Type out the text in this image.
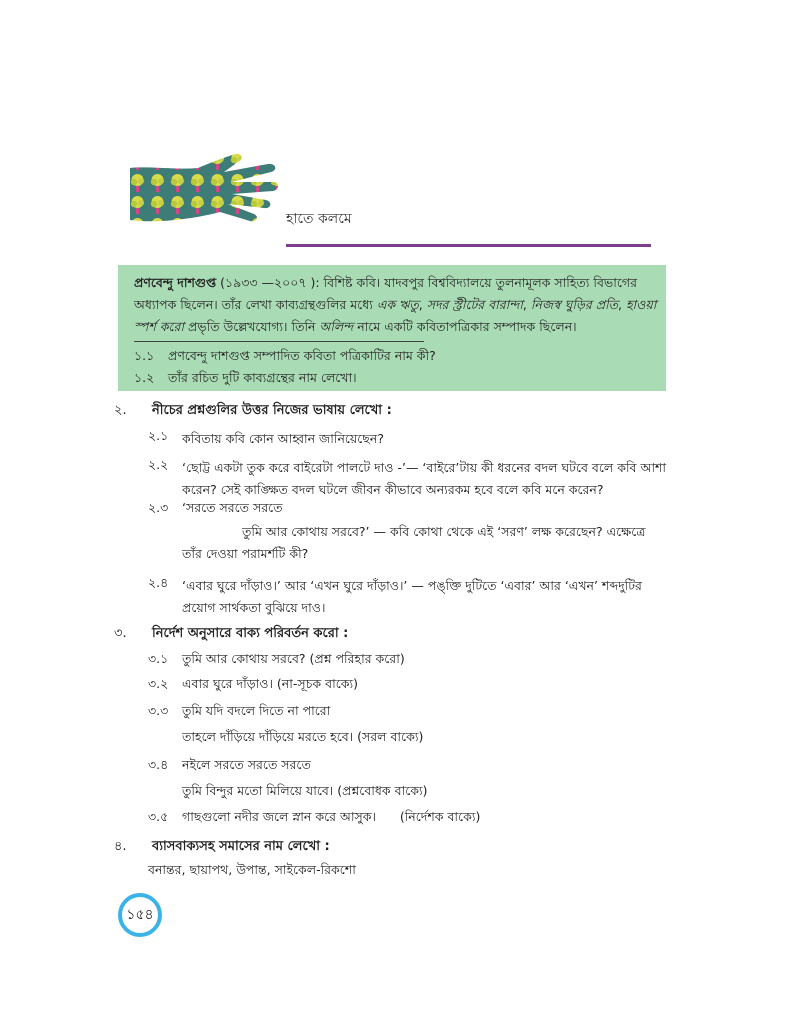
হাতে কলমে
প্রণবেন্দু দাশগুপ্ত (১৯৩৩ —২০০৭ ): বিশিষ্ট কবি। যাদবপুর বিশ্ববিদ্যালয়ে তুলনামূলক সাহিত্য বিভাগের অধ্যাপক ছিলেন। তাঁর লেখা কাব্যগ্রন্থগুলির মধ্যে এক ঋতু, সদর স্ট্রীটের বারান্দা, নিজস্ব ঘুড়ির প্রতি, হাওয়া স্পর্শ করো প্রভৃতি উল্লেখযোগ্য। তিনি অলিন্দ নামে একটি কবিতাপত্রিকার সম্পাদক ছিলেন।
১.১ প্রণবেন্দু দাশগুপ্ত সম্পাদিত কবিতা পত্রিকাটির নাম কী?
১.২ তাঁর রচিত দুটি কাব্যগ্রন্থের নাম লেখো।
২. নীচের প্রশ্নগুলির উত্তর নিজের ভাষায় লেখো :
২.১ কবিতায় কবি কোন আহ্বান জানিয়েছেন?
২.২ ‘ছোট্ট একটা তুক করে বাইরেটা পালটে দাও -’— ‘বাইরে’টায় কী ধরনের বদল ঘটবে বলে কবি আশা করেন? সেই কাঙ্ক্ষিত বদল ঘটলে জীবন কীভাবে অন্যরকম হবে বলে কবি মনে করেন?
২.৩ ‘সরতে সরতে সরতে
তুমি আর কোথায় সরবে?’ — কবি কোথা থেকে এই ‘সরণ’ লক্ষ করেছেন? এক্ষেত্রে
তাঁর দেওয়া পরামর্শটি কী?
২.৪ ‘এবার ঘুরে দাঁড়াও।’ আর ‘এখন ঘুরে দাঁড়াও।’ — পঙ্‌ক্তি দুটিতে ‘এবার’ আর ‘এখন’ শব্দদুটির প্রয়োগ সার্থকতা বুঝিয়ে দাও।
৩. নির্দেশ অনুসারে বাক্য পরিবর্তন করো :
৩.১ তুমি আর কোথায় সরবে? (প্রশ্ন পরিহার করো)
৩.২ এবার ঘুরে দাঁড়াও। (না-সূচক বাক্যে)
৩.৩ তুমি যদি বদলে দিতে না পারো
তাহলে দাঁড়িয়ে দাঁড়িয়ে মরতে হবে। (সরল বাক্যে)
৩.৪ নইলে সরতে সরতে সরতে
তুমি বিন্দুর মতো মিলিয়ে যাবে। (প্রশ্নবোধক বাক্যে)
৩.৫ গাছগুলো নদীর জলে স্নান করে আসুক।      (নির্দেশক বাক্যে)
৪. ব্যাসবাক্যসহ সমাসের নাম লেখো :
বনান্তর, ছায়াপথ, উপান্ত, সাইকেল-রিকশো
১৫৪
